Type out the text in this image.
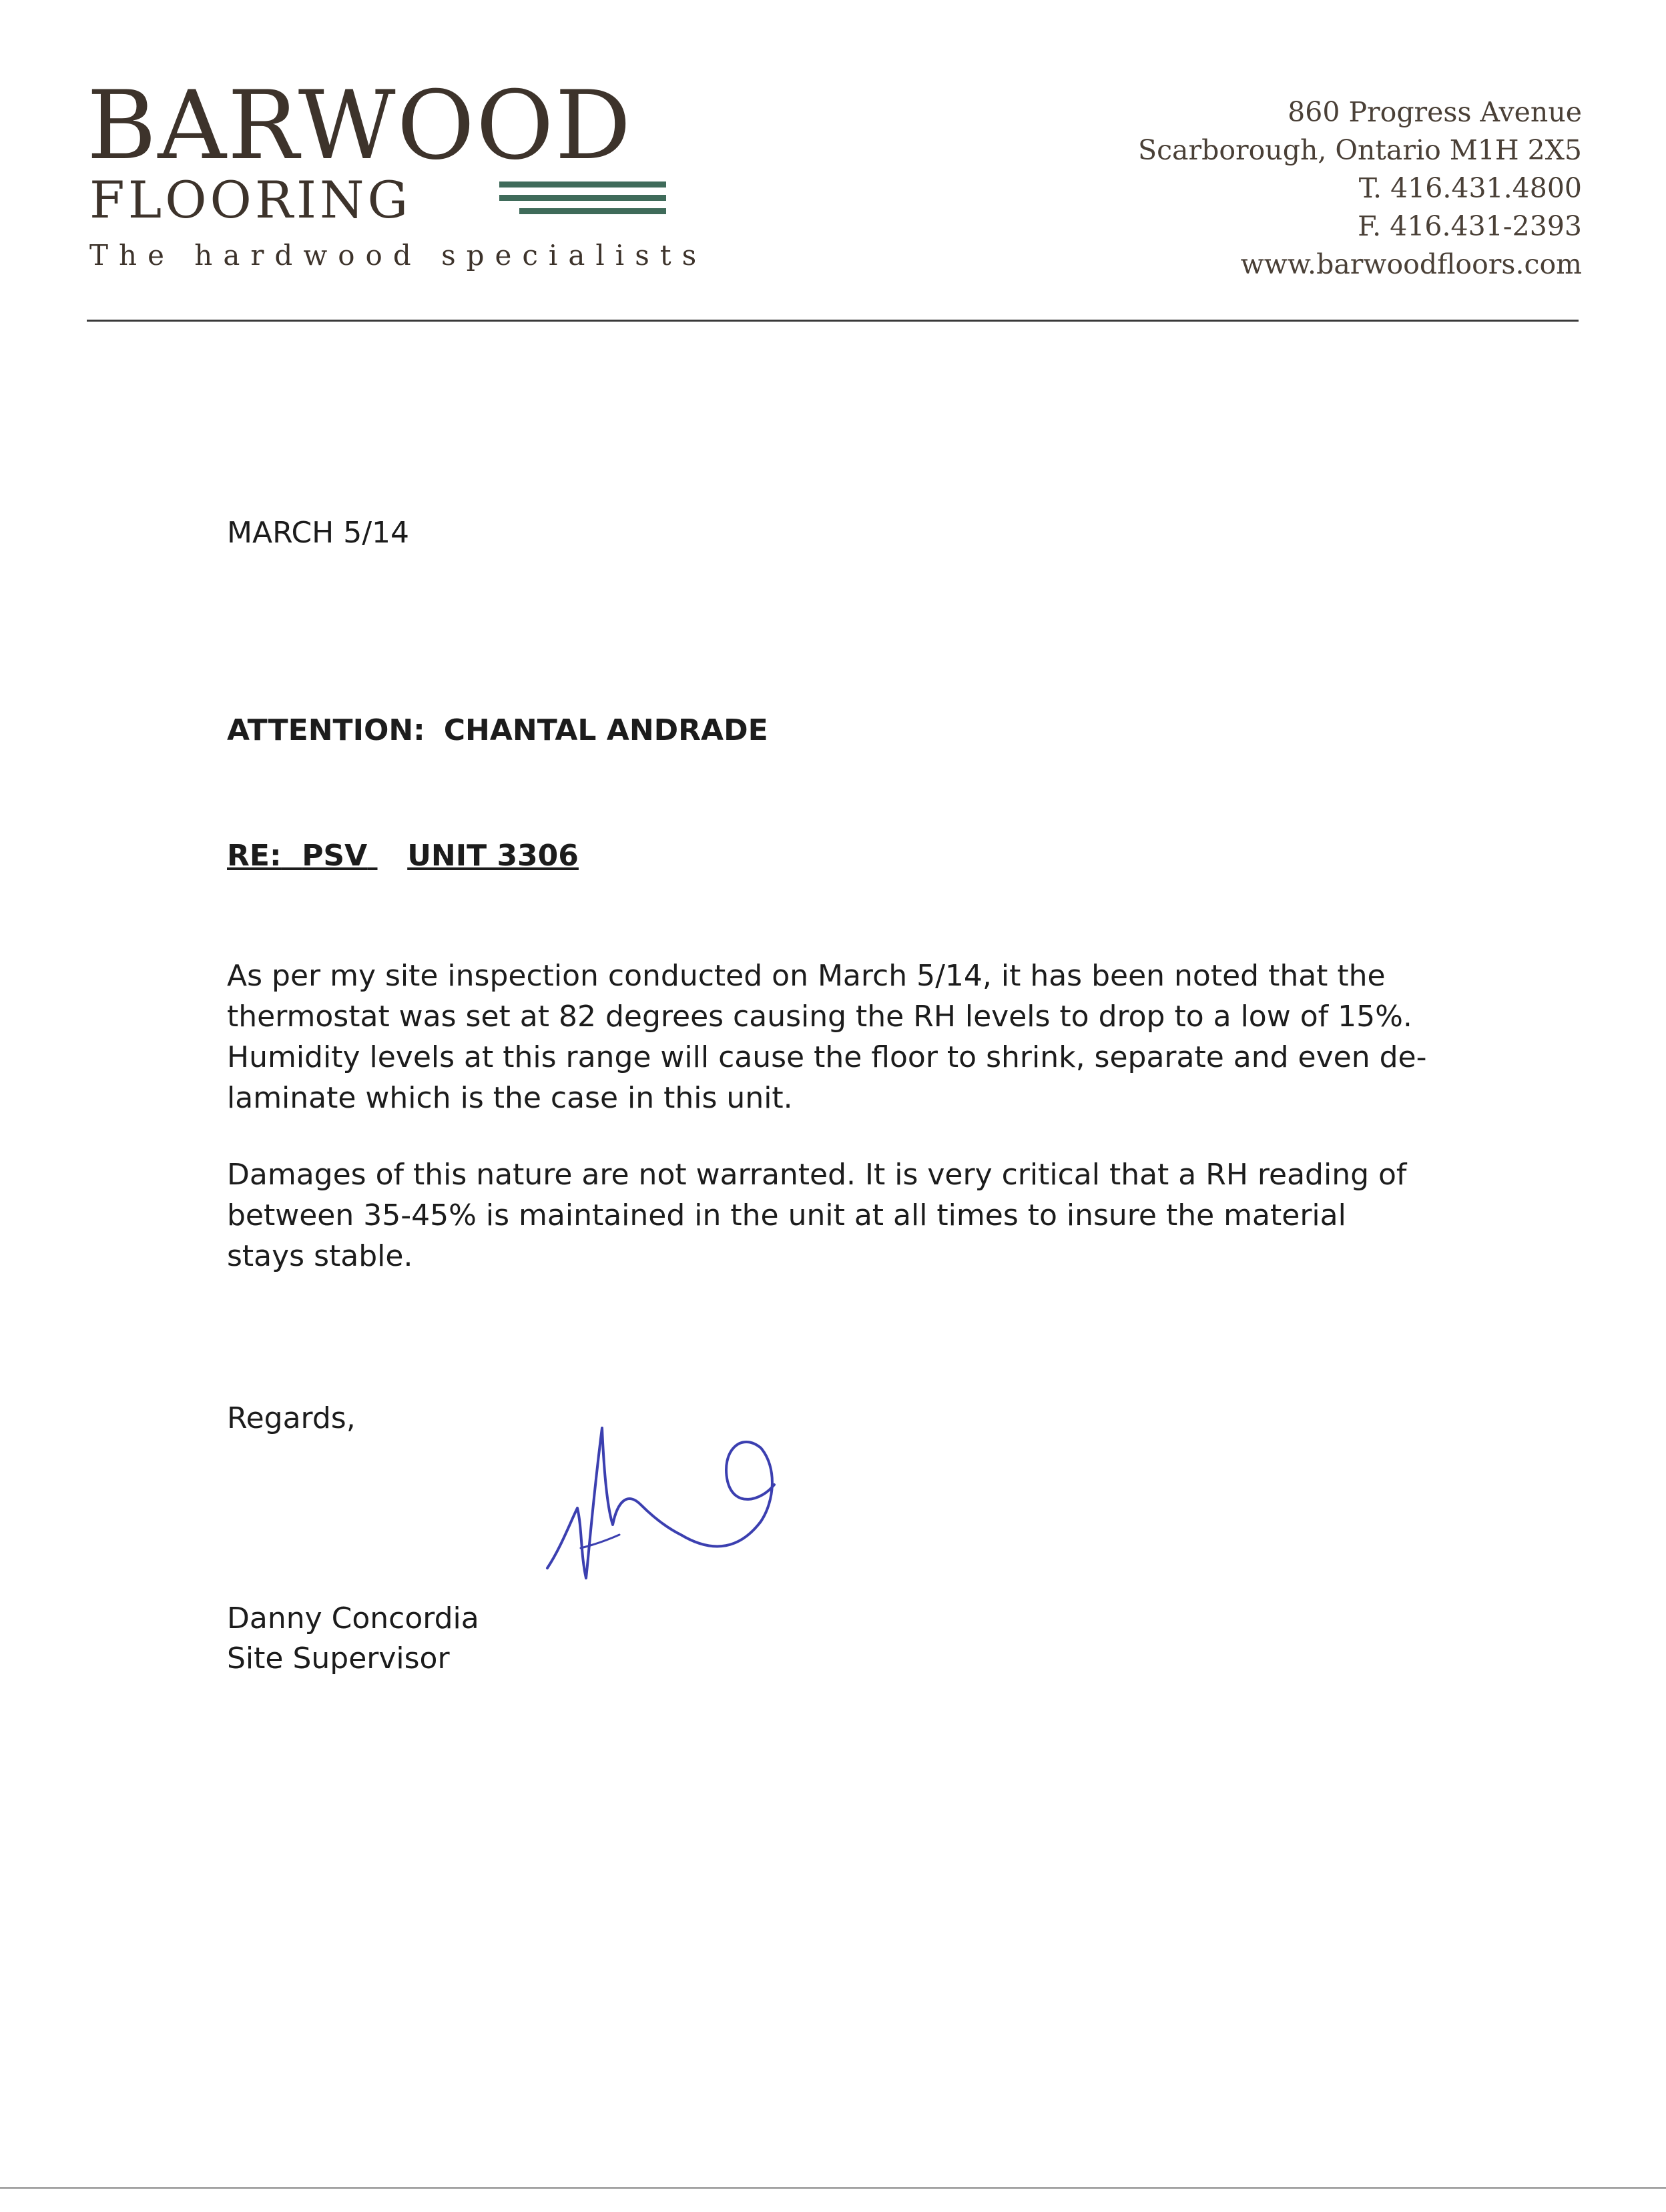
BARWOOD
FLOORING
The hardwood specialists
860 Progress Avenue
Scarborough, Ontario M1H 2X5
T. 416.431.4800
F. 416.431-2393
www.barwoodfloors.com
MARCH 5/14
ATTENTION: CHANTAL ANDRADE
RE: PSV UNIT 3306

As per my site inspection conducted on March 5/14, it has been noted that the
thermostat was set at 82 degrees causing the RH levels to drop to a low of 15%.
Humidity levels at this range will cause the floor to shrink, separate and even de-
laminate which is the case in this unit.

Damages of this nature are not warranted. It is very critical that a RH reading of
between 35-45% is maintained in the unit at all times to insure the material
stays stable.

Regards,
Danny Concordia
Site Supervisor
